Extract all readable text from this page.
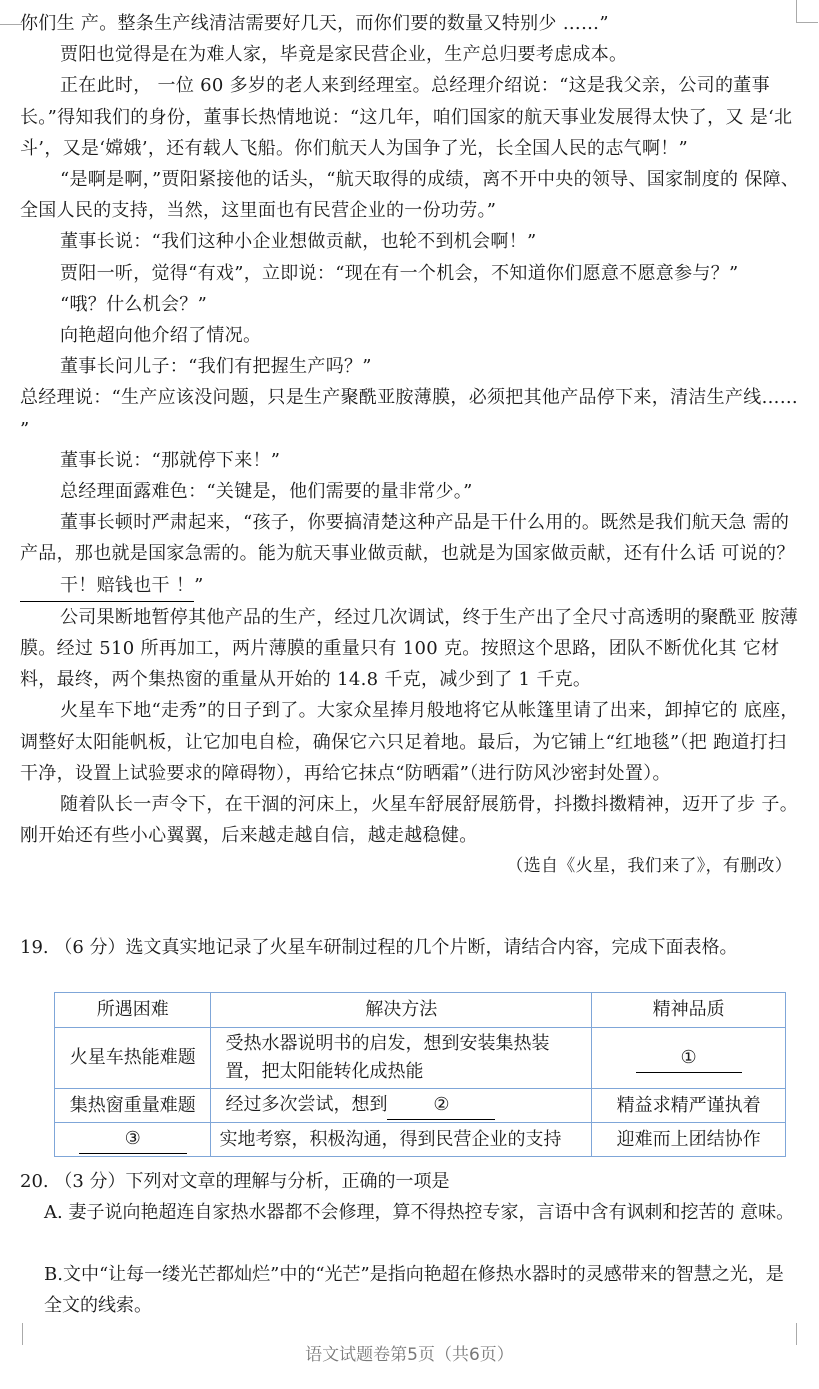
你们生 产。整条生产线清洁需要好几天，而你们要的数量又特别少 ……”

贾阳也觉得是在为难人家，毕竟是家民营企业，生产总归要考虑成本。

正在此时， 一位 60 多岁的老人来到经理室。总经理介绍说：“这是我父亲，公司的董事 长。”得知我们的身份，董事长热情地说：“这几年，咱们国家的航天事业发展得太快了，又 是‘北斗’，又是‘嫦娥’，还有载人飞船。你们航天人为国争了光，长全国人民的志气啊！”

“是啊是啊，”贾阳紧接他的话头，“航天取得的成绩，离不开中央的领导、国家制度的 保障、全国人民的支持，当然，这里面也有民营企业的一份功劳。”

董事长说：“我们这种小企业想做贡献，也轮不到机会啊！”

贾阳一听，觉得“有戏”，立即说：“现在有一个机会，不知道你们愿意不愿意参与？”

“哦？什么机会？”

向艳超向他介绍了情况。

董事长问儿子：“我们有把握生产吗？”

总经理说：“生产应该没问题，只是生产聚酰亚胺薄膜，必须把其他产品停下来，清洁生产线…… ”

董事长说：“那就停下来！”

总经理面露难色：“关键是，他们需要的量非常少。”

董事长顿时严肃起来，“孩子，你要搞清楚这种产品是干什么用的。既然是我们航天急 需的产品，那也就是国家急需的。能为航天事业做贡献，也就是为国家做贡献，还有什么话 可说的？ 干！赔钱也干 ！”

公司果断地暂停其他产品的生产，经过几次调试，终于生产出了全尺寸高透明的聚酰亚 胺薄膜。经过 510 所再加工，两片薄膜的重量只有 100 克。按照这个思路，团队不断优化其 它材料，最终，两个集热窗的重量从开始的 14.8 千克，减少到了 1 千克。

火星车下地“走秀”的日子到了。大家众星捧月般地将它从帐篷里请了出来，卸掉它的 底座，调整好太阳能帆板，让它加电自检，确保它六只足着地。最后，为它铺上“红地毯”（把 跑道打扫干净，设置上试验要求的障碍物），再给它抹点“防晒霜”（进行防风沙密封处置）。

随着队长一声令下，在干涸的河床上，火星车舒展舒展筋骨，抖擞抖擞精神，迈开了步 子。刚开始还有些小心翼翼，后来越走越自信，越走越稳健。

（选自《火星，我们来了》，有删改）

19. （6 分）选文真实地记录了火星车研制过程的几个片断，请结合内容，完成下面表格。
所遇困难	解决方法	精神品质
火星车热能难题	受热水器说明书的启发，想到安装集热装置，把太阳能转化成热能	①
集热窗重量难题	经过多次尝试，想到 ②	精益求精严谨执着
③	实地考察，积极沟通，得到民营企业的支持	迎难而上团结协作
20. （3 分）下列对文章的理解与分析，正确的一项是
A. 妻子说向艳超连自家热水器都不会修理，算不得热控专家，言语中含有讽刺和挖苦的 意味。
B.文中“让每一缕光芒都灿烂”中的“光芒”是指向艳超在修热水器时的灵感带来的智慧之光，是全文的线索。
语文试题卷第5页（共6页）
